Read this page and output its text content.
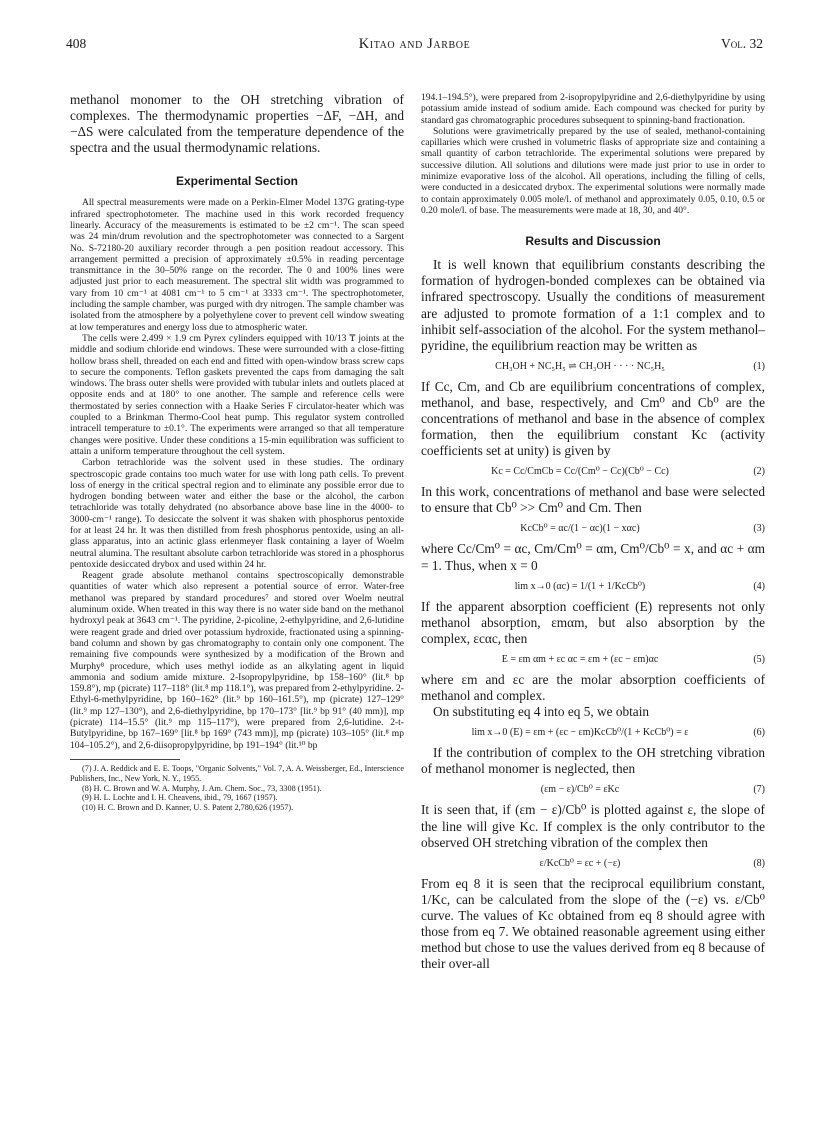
408	Kitao and Jarboe	Vol. 32

methanol monomer to the OH stretching vibration of complexes. The thermodynamic properties −ΔF, −ΔH, and −ΔS were calculated from the temperature dependence of the spectra and the usual thermodynamic relations.

Experimental Section

All spectral measurements were made on a Perkin-Elmer Model 137G grating-type infrared spectrophotometer. The machine used in this work recorded frequency linearly. Accuracy of the measurements is estimated to be ±2 cm⁻¹. The scan speed was 24 min/drum revolution and the spectrophotometer was connected to a Sargent No. S-72180-20 auxiliary recorder through a pen position readout accessory. This arrangement permitted a precision of approximately ±0.5% in reading percentage transmittance in the 30–50% range on the recorder. The 0 and 100% lines were adjusted just prior to each measurement. The spectral slit width was programmed to vary from 10 cm⁻¹ at 4081 cm⁻¹ to 5 cm⁻¹ at 3333 cm⁻¹. The spectrophotometer, including the sample chamber, was purged with dry nitrogen. The sample chamber was isolated from the atmosphere by a polyethylene cover to prevent cell window sweating at low temperatures and energy loss due to atmospheric water.

The cells were 2.499 × 1.9 cm Pyrex cylinders equipped with 10/13 ₸ joints at the middle and sodium chloride end windows. These were surrounded with a close-fitting hollow brass shell, threaded on each end and fitted with open-window brass screw caps to secure the components. Teflon gaskets prevented the caps from damaging the salt windows. The brass outer shells were provided with tubular inlets and outlets placed at opposite ends and at 180° to one another. The sample and reference cells were thermostated by series connection with a Haake Series F circulator-heater which was coupled to a Brinkman Thermo-Cool heat pump. This regulator system controlled intracell temperature to ±0.1°. The experiments were arranged so that all temperature changes were positive. Under these conditions a 15-min equilibration was sufficient to attain a uniform temperature throughout the cell system.

Carbon tetrachloride was the solvent used in these studies. The ordinary spectroscopic grade contains too much water for use with long path cells. To prevent loss of energy in the critical spectral region and to eliminate any possible error due to hydrogen bonding between water and either the base or the alcohol, the carbon tetrachloride was totally dehydrated (no absorbance above base line in the 4000- to 3000-cm⁻¹ range). To desiccate the solvent it was shaken with phosphorus pentoxide for at least 24 hr. It was then distilled from fresh phosphorus pentoxide, using an all-glass apparatus, into an actinic glass erlenmeyer flask containing a layer of Woelm neutral alumina. The resultant absolute carbon tetrachloride was stored in a phosphorus pentoxide desiccated drybox and used within 24 hr.

Reagent grade absolute methanol contains spectroscopically demonstrable quantities of water which also represent a potential source of error. Water-free methanol was prepared by standard procedures⁷ and stored over Woelm neutral aluminum oxide. When treated in this way there is no water side band on the methanol hydroxyl peak at 3643 cm⁻¹. The pyridine, 2-picoline, 2-ethylpyridine, and 2,6-lutidine were reagent grade and dried over potassium hydroxide, fractionated using a spinning-band column and shown by gas chromatography to contain only one component. The remaining five compounds were synthesized by a modification of the Brown and Murphy⁸ procedure, which uses methyl iodide as an alkylating agent in liquid ammonia and sodium amide mixture. 2-Isopropylpyridine, bp 158–160° (lit.⁸ bp 159.8°), mp (picrate) 117–118° (lit.⁸ mp 118.1°), was prepared from 2-ethylpyridine. 2-Ethyl-6-methylpyridine, bp 160–162° (lit.⁹ bp 160–161.5°), mp (picrate) 127–129° (lit.⁹ mp 127–130°), and 2,6-diethylpyridine, bp 170–173° [lit.⁹ bp 91° (40 mm)], mp (picrate) 114–15.5° (lit.⁹ mp 115–117°), were prepared from 2,6-lutidine. 2-t-Butylpyridine, bp 167–169° [lit.⁸ bp 169° (743 mm)], mp (picrate) 103–105° (lit.⁸ mp 104–105.2°), and 2,6-diisopropylpyridine, bp 191–194° (lit.¹⁰ bp

(7) J. A. Reddick and E. E. Toops, "Organic Solvents," Vol. 7, A. A. Weissberger, Ed., Interscience Publishers, Inc., New York, N. Y., 1955.

(8) H. C. Brown and W. A. Murphy, J. Am. Chem. Soc., 73, 3308 (1951).

(9) H. L. Lochte and I. H. Cheavens, ibid., 79, 1667 (1957).

(10) H. C. Brown and D. Kanner, U. S. Patent 2,780,626 (1957).

194.1–194.5°), were prepared from 2-isopropylpyridine and 2,6-diethylpyridine by using potassium amide instead of sodium amide. Each compound was checked for purity by standard gas chromatographic procedures subsequent to spinning-band fractionation.

Solutions were gravimetrically prepared by the use of sealed, methanol-containing capillaries which were crushed in volumetric flasks of appropriate size and containing a small quantity of carbon tetrachloride. The experimental solutions were prepared by successive dilution. All solutions and dilutions were made just prior to use in order to minimize evaporative loss of the alcohol. All operations, including the filling of cells, were conducted in a desiccated drybox. The experimental solutions were normally made to contain approximately 0.005 mole/l. of methanol and approximately 0.05, 0.10, 0.5 or 0.20 mole/l. of base. The measurements were made at 18, 30, and 40°.

Results and Discussion

It is well known that equilibrium constants describing the formation of hydrogen-bonded complexes can be obtained via infrared spectroscopy. Usually the conditions of measurement are adjusted to promote formation of a 1:1 complex and to inhibit self-association of the alcohol. For the system methanol–pyridine, the equilibrium reaction may be written as

CH₃OH + NC₅H₅ ⇌ CH₃OH · · · · NC₅H₅	(1)

If Cc, Cm, and Cb are equilibrium concentrations of complex, methanol, and base, respectively, and Cm⁰ and Cb⁰ are the concentrations of methanol and base in the absence of complex formation, then the equilibrium constant Kc (activity coefficients set at unity) is given by

Kc = Cc/CmCb = Cc/(Cm⁰ − Cc)(Cb⁰ − Cc)	(2)

In this work, concentrations of methanol and base were selected to ensure that Cb⁰ >> Cm⁰ and Cm. Then

KcCb⁰ = αc/(1 − αc)(1 − xαc)	(3)

where Cc/Cm⁰ = αc, Cm/Cm⁰ = αm, Cm⁰/Cb⁰ = x, and αc + αm = 1. Thus, when x = 0

lim x→0 (αc) = 1/(1 + 1/KcCb⁰)	(4)

If the apparent absorption coefficient (E) represents not only methanol absorption, εmαm, but also absorption by the complex, εcαc, then

E = εm αm + εc αc = εm + (εc − εm)αc	(5)

where εm and εc are the molar absorption coefficients of methanol and complex.

On substituting eq 4 into eq 5, we obtain

lim x→0 (E) = εm + (εc − εm)KcCb⁰/(1 + KcCb⁰) = ε	(6)

If the contribution of complex to the OH stretching vibration of methanol monomer is neglected, then

(εm − ε)/Cb⁰ = εKc	(7)

It is seen that, if (εm − ε)/Cb⁰ is plotted against ε, the slope of the line will give Kc. If complex is the only contributor to the observed OH stretching vibration of the complex then

ε/KcCb⁰ = εc + (−ε)	(8)

From eq 8 it is seen that the reciprocal equilibrium constant, 1/Kc, can be calculated from the slope of the (−ε) vs. ε/Cb⁰ curve. The values of Kc obtained from eq 8 should agree with those from eq 7. We obtained reasonable agreement using either method but chose to use the values derived from eq 8 because of their over-all
